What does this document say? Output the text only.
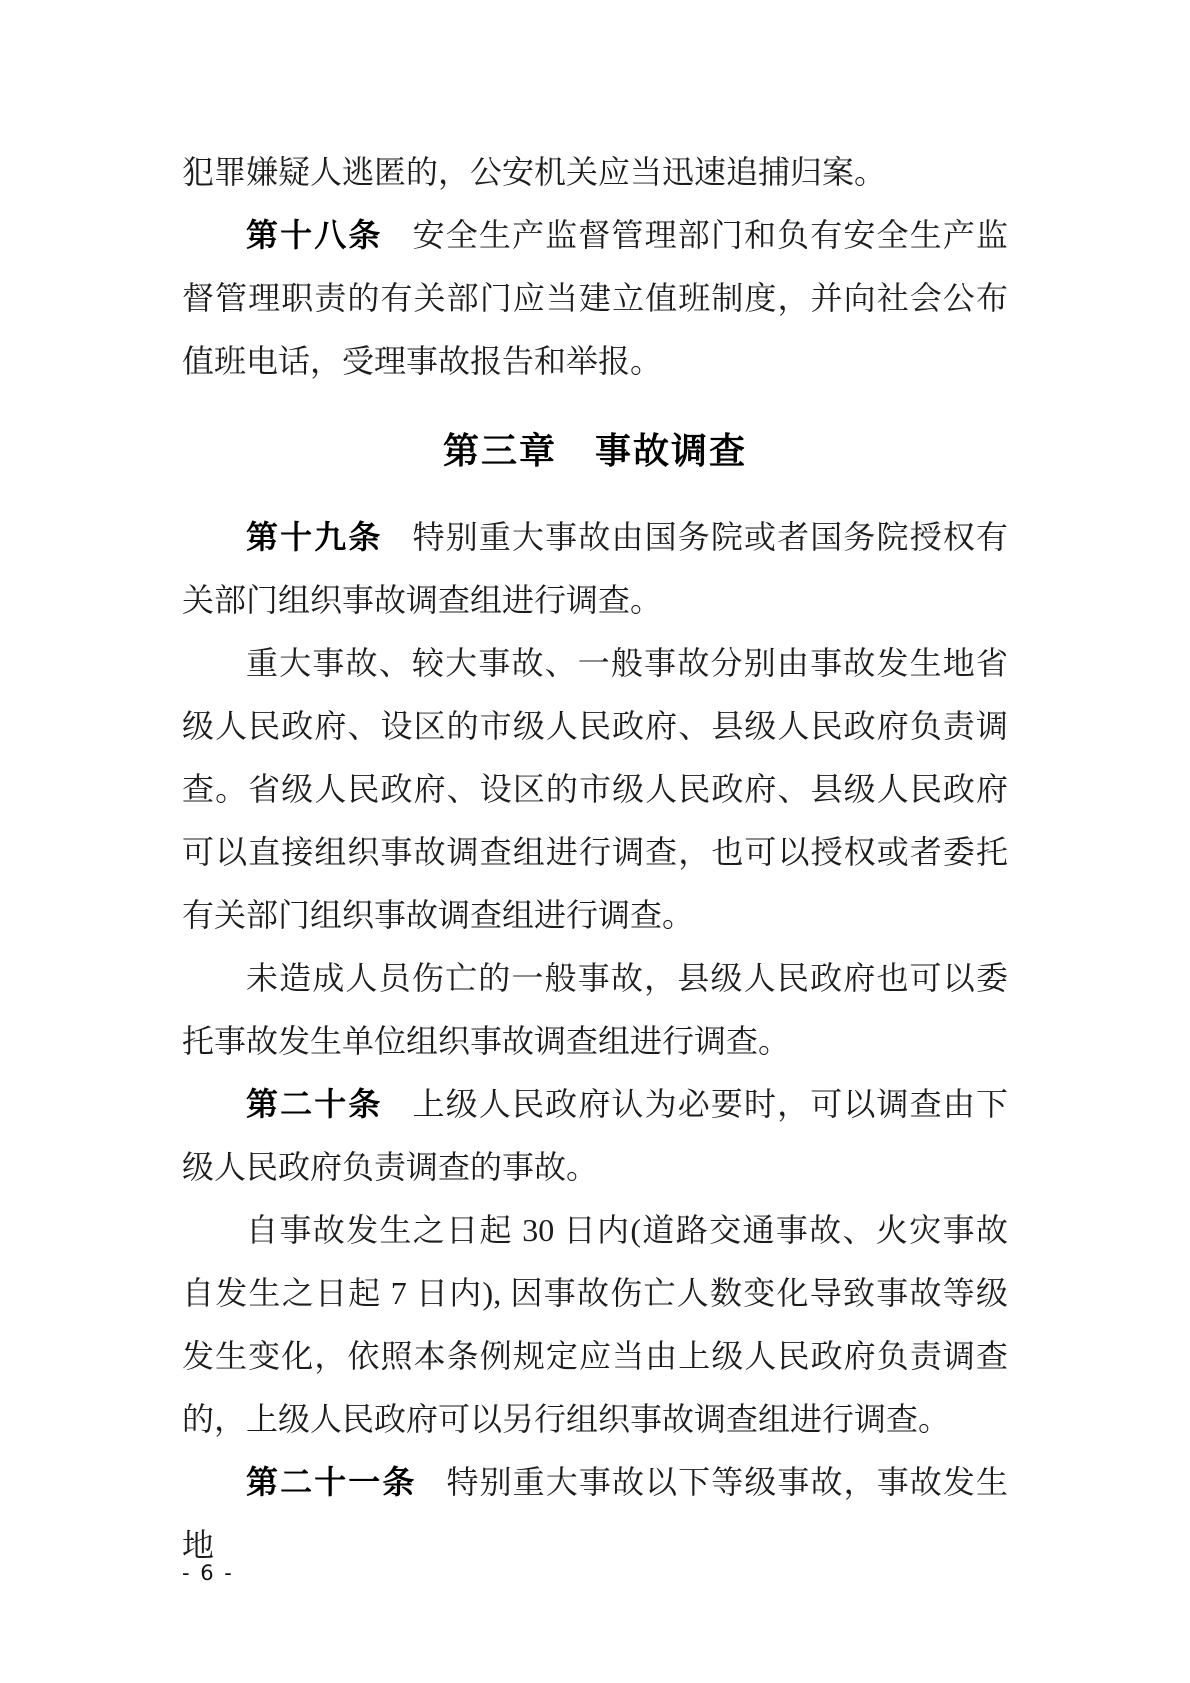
犯罪嫌疑人逃匿的，公安机关应当迅速追捕归案。

第十八条 安全生产监督管理部门和负有安全生产监督管理职责的有关部门应当建立值班制度，并向社会公布值班电话，受理事故报告和举报。

第三章　事故调查

第十九条 特别重大事故由国务院或者国务院授权有关部门组织事故调查组进行调查。

重大事故、较大事故、一般事故分别由事故发生地省级人民政府、设区的市级人民政府、县级人民政府负责调查。省级人民政府、设区的市级人民政府、县级人民政府可以直接组织事故调查组进行调查，也可以授权或者委托有关部门组织事故调查组进行调查。

未造成人员伤亡的一般事故，县级人民政府也可以委托事故发生单位组织事故调查组进行调查。

第二十条 上级人民政府认为必要时，可以调查由下级人民政府负责调查的事故。

自事故发生之日起 30 日内(道路交通事故、火灾事故自发生之日起 7 日内), 因事故伤亡人数变化导致事故等级发生变化，依照本条例规定应当由上级人民政府负责调查的，上级人民政府可以另行组织事故调查组进行调查。

第二十一条 特别重大事故以下等级事故，事故发生地

- 6 -
